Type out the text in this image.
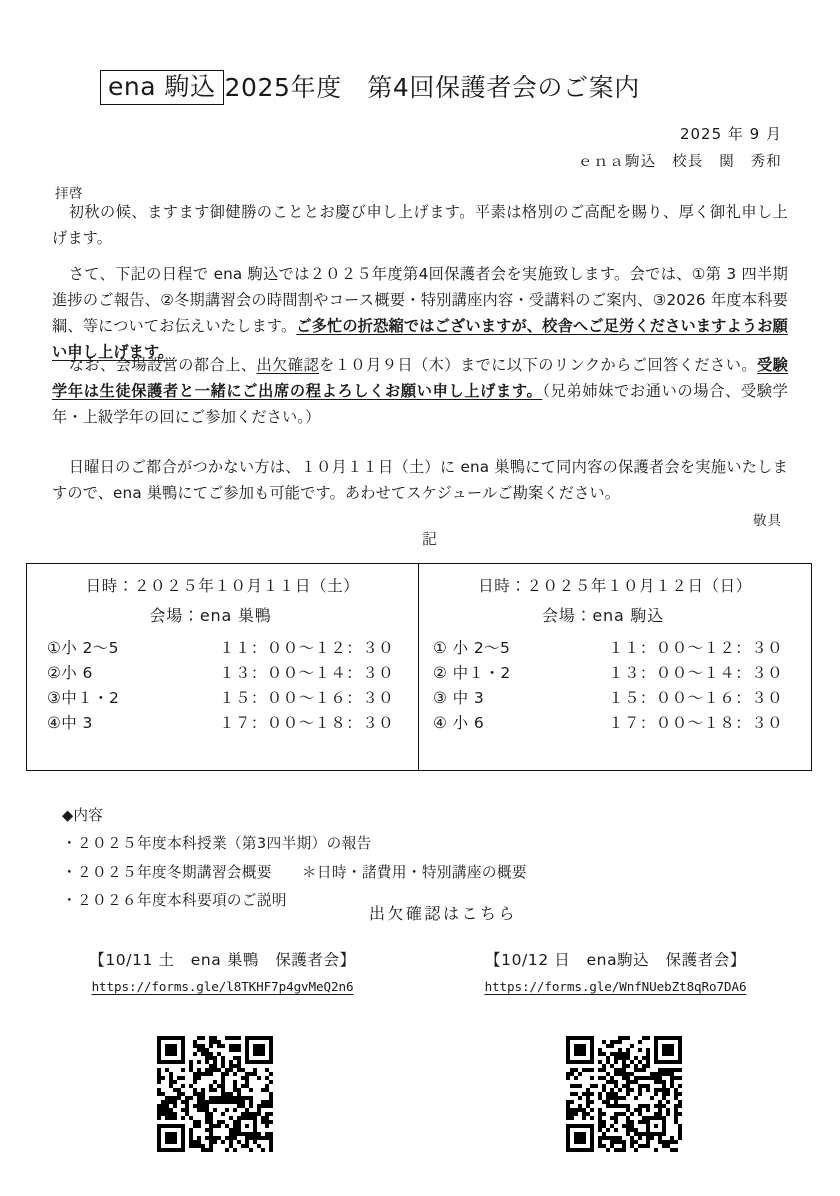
ena 駒込 2025年度　第4回保護者会のご案内
2025 年 9 月
ｅｎａ駒込　校長　関　秀和
拝啓
初秋の候、ますます御健勝のこととお慶び申し上げます。平素は格別のご高配を賜り、厚く御礼申し上げます。
さて、下記の日程で ena 駒込では２０２５年度第4回保護者会を実施致します。会では、①第 3 四半期進捗のご報告、②冬期講習会の時間割やコース概要・特別講座内容・受講料のご案内、③2026 年度本科要綱、等についてお伝えいたします。ご多忙の折恐縮ではございますが、校舎へご足労くださいますようお願い申し上げます。
なお、会場設営の都合上、出欠確認を１０月９日（木）までに以下のリンクからご回答ください。受験学年は生徒保護者と一緒にご出席の程よろしくお願い申し上げます。（兄弟姉妹でお通いの場合、受験学年・上級学年の回にご参加ください。）
日曜日のご都合がつかない方は、１０月１１日（土）に ena 巣鴨にて同内容の保護者会を実施いたしますので、ena 巣鴨にてご参加も可能です。あわせてスケジュールご勘案ください。
敬具
記
日時：２０２５年１０月１１日（土）
会場：ena 巣鴨
①小 2〜5	１１：００〜１２：３０
②小 6	１３：００〜１４：３０
③中１・2	１５：００〜１６：３０
④中 3	１７：００〜１８：３０
日時：２０２５年１０月１２日（日）
会場：ena 駒込
① 小 2〜5	１１：００〜１２：３０
② 中１・2	１３：００〜１４：３０
③ 中 3	１５：００〜１６：３０
④ 小 6	１７：００〜１８：３０
◆内容
・２０２５年度本科授業（第3四半期）の報告
・２０２５年度冬期講習会概要 ＊日時・諸費用・特別講座の概要
・２０２６年度本科要項のご説明
出欠確認はこちら
【10/11 土　ena 巣鴨　保護者会】
https://forms.gle/l8TKHF7p4gvMeQ2n6
【10/12 日　ena駒込　保護者会】
https://forms.gle/WnfNUebZt8qRo7DA6
